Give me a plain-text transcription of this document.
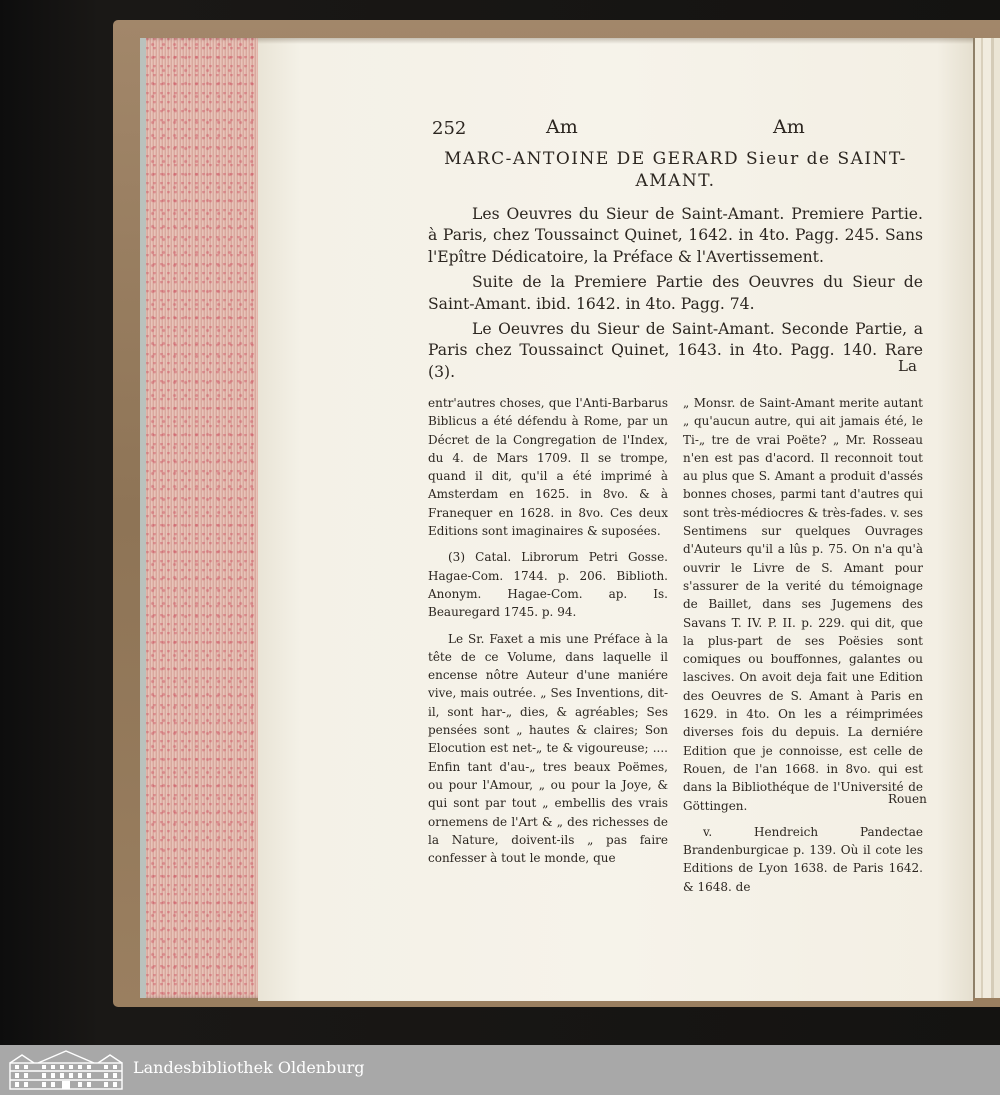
252	Am	Am
MARC-ANTOINE DE GERARD Sieur de SAINT-
AMANT.

Les Oeuvres du Sieur de Saint-Amant. Premiere Partie. à Paris, chez Toussainct Quinet, 1642. in 4to. Pagg. 245. Sans l'Epître Dédicatoire, la Préface & l'Avertissement.

Suite de la Premiere Partie des Oeuvres du Sieur de Saint-Amant. ibid. 1642. in 4to. Pagg. 74.

Le Oeuvres du Sieur de Saint-Amant. Seconde Partie, a Paris chez Toussainct Quinet, 1643. in 4to. Pagg. 140. Rare (3).	La

entr'autres choses, que l'Anti-Barbarus Biblicus a été défendu à Rome, par un Décret de la Congregation de l'Index, du 4. de Mars 1709. Il se trompe, quand il dit, qu'il a été imprimé à Amsterdam en 1625. in 8vo. & à Franequer en 1628. in 8vo. Ces deux Editions sont imaginaires & suposées.

(3) Catal. Librorum Petri Gosse. Hagae-Com. 1744. p. 206. Biblioth. Anonym. Hagae-Com. ap. Is. Beauregard 1745. p. 94.

Le Sr. Faxet a mis une Préface à la tête de ce Volume, dans laquelle il encense nôtre Auteur d'une maniére vive, mais outrée. „ Ses Inventions, dit-il, sont har-„ dies, & agréables; Ses pensées sont „ hautes & claires; Son Elocution est net-„ te & vigoureuse; .... Enfin tant d'au-„ tres beaux Poëmes, ou pour l'Amour, „ ou pour la Joye, & qui sont par tout „ embellis des vrais ornemens de l'Art & „ des richesses de la Nature, doivent-ils „ pas faire confesser à tout le monde, que

„ Monsr. de Saint-Amant merite autant „ qu'aucun autre, qui ait jamais été, le Ti-„ tre de vrai Poëte? „ Mr. Rosseau n'en est pas d'acord. Il reconnoit tout au plus que S. Amant a produit d'assés bonnes choses, parmi tant d'autres qui sont très-médiocres & très-fades. v. ses Sentimens sur quelques Ouvrages d'Auteurs qu'il a lûs p. 75. On n'a qu'à ouvrir le Livre de S. Amant pour s'assurer de la verité du témoignage de Baillet, dans ses Jugemens des Savans T. IV. P. II. p. 229. qui dit, que la plus-part de ses Poësies sont comiques ou bouffonnes, galantes ou lascives. On avoit deja fait une Edition des Oeuvres de S. Amant à Paris en 1629. in 4to. On les a réimprimées diverses fois du depuis. La derniére Edition que je connoisse, est celle de Rouen, de l'an 1668. in 8vo. qui est dans la Bibliothéque de l'Université de Göttingen.

v. Hendreich Pandectae Brandenburgicae p. 139. Où il cote les Editions de Lyon 1638. de Paris 1642. & 1648. de

Rouen
Landesbibliothek Oldenburg
